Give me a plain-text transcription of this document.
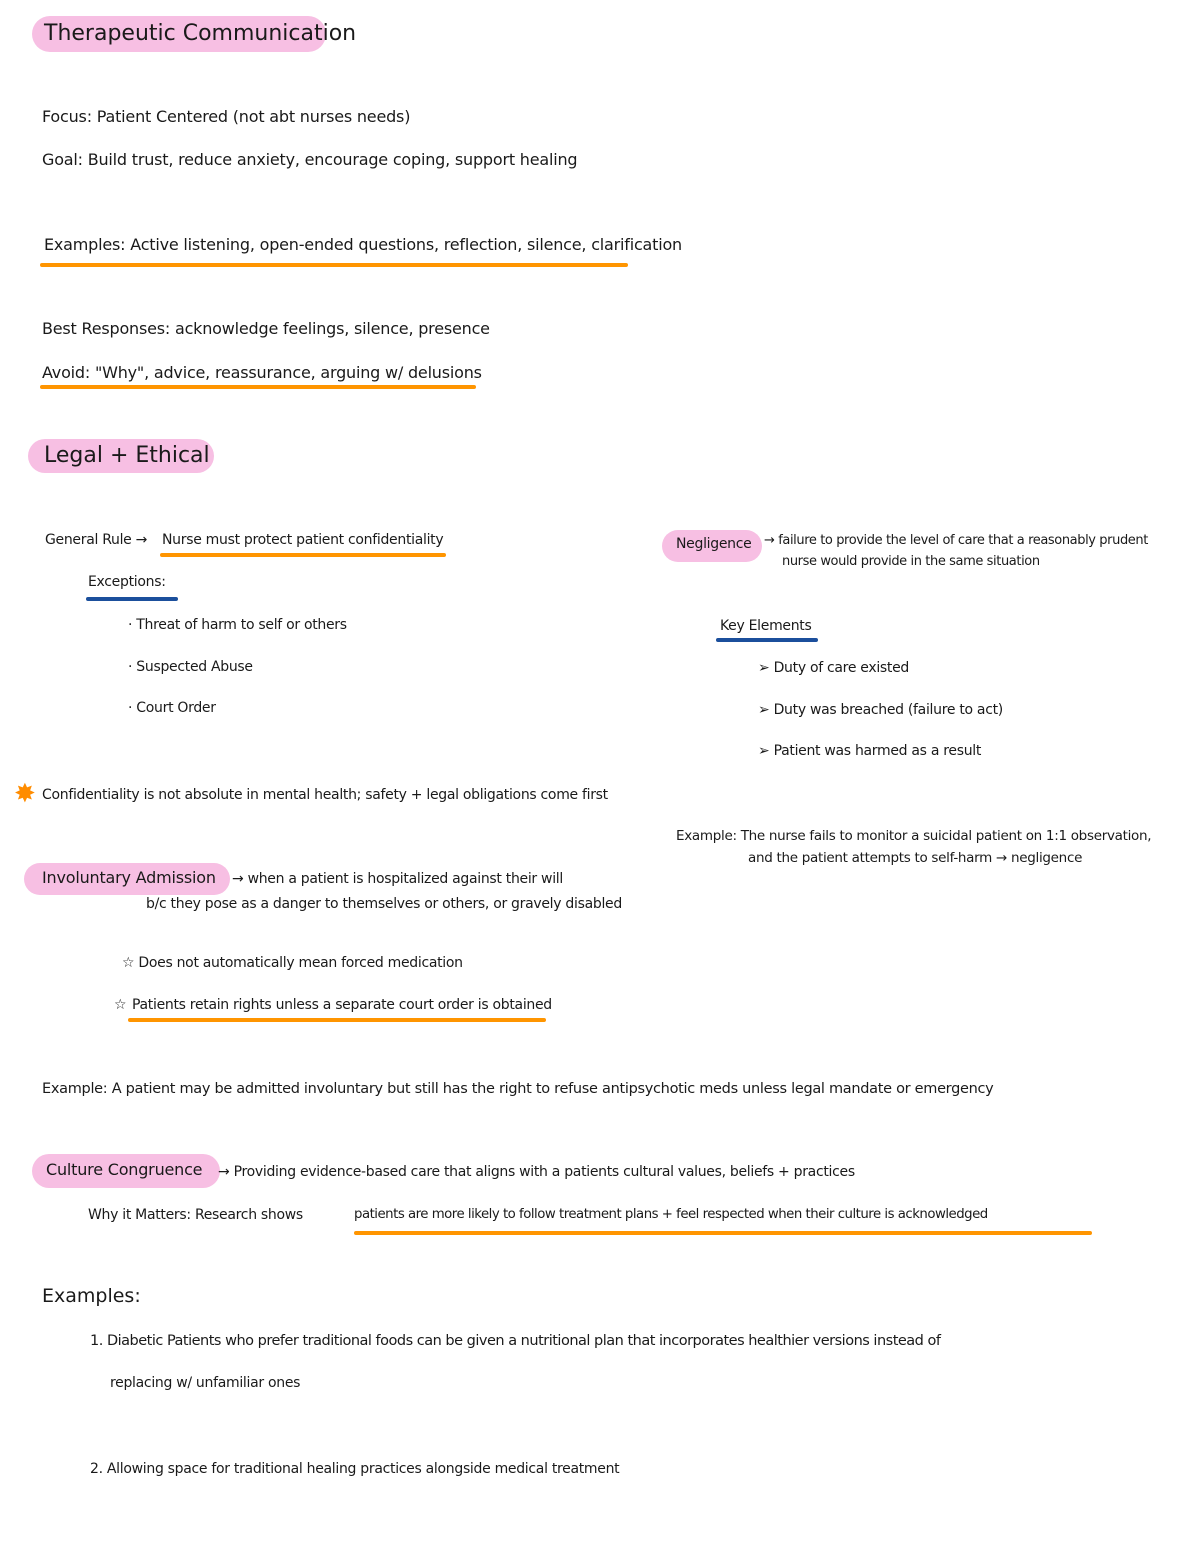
Therapeutic Communication
Focus: Patient Centered (not abt nurses needs)
Goal: Build trust, reduce anxiety, encourage coping, support healing
Examples: Active listening, open-ended questions, reflection, silence, clarification
Best Responses: acknowledge feelings, silence, presence
Avoid: "Why", advice, reassurance, arguing w/ delusions
Legal + Ethical
General Rule → Nurse must protect patient confidentiality
Exceptions:
· Threat of harm to self or others
· Suspected Abuse
· Court Order
✸ Confidentiality is not absolute in mental health; safety + legal obligations come first
Negligence → failure to provide the level of care that a reasonably prudent
nurse would provide in the same situation
Key Elements
➢ Duty of care existed
➢ Duty was breached (failure to act)
➢ Patient was harmed as a result
Example: The nurse fails to monitor a suicidal patient on 1:1 observation,
and the patient attempts to self-harm → negligence
Involuntary Admission → when a patient is hospitalized against their will
b/c they pose as a danger to themselves or others, or gravely disabled
☆ Does not automatically mean forced medication
☆ Patients retain rights unless a separate court order is obtained
Example: A patient may be admitted involuntary but still has the right to refuse antipsychotic meds unless legal mandate or emergency
Culture Congruence → Providing evidence-based care that aligns with a patients cultural values, beliefs + practices
Why it Matters: Research shows	patients are more likely to follow treatment plans + feel respected when their culture is acknowledged
Examples:
1. Diabetic Patients who prefer traditional foods can be given a nutritional plan that incorporates healthier versions instead of
replacing w/ unfamiliar ones
2. Allowing space for traditional healing practices alongside medical treatment
